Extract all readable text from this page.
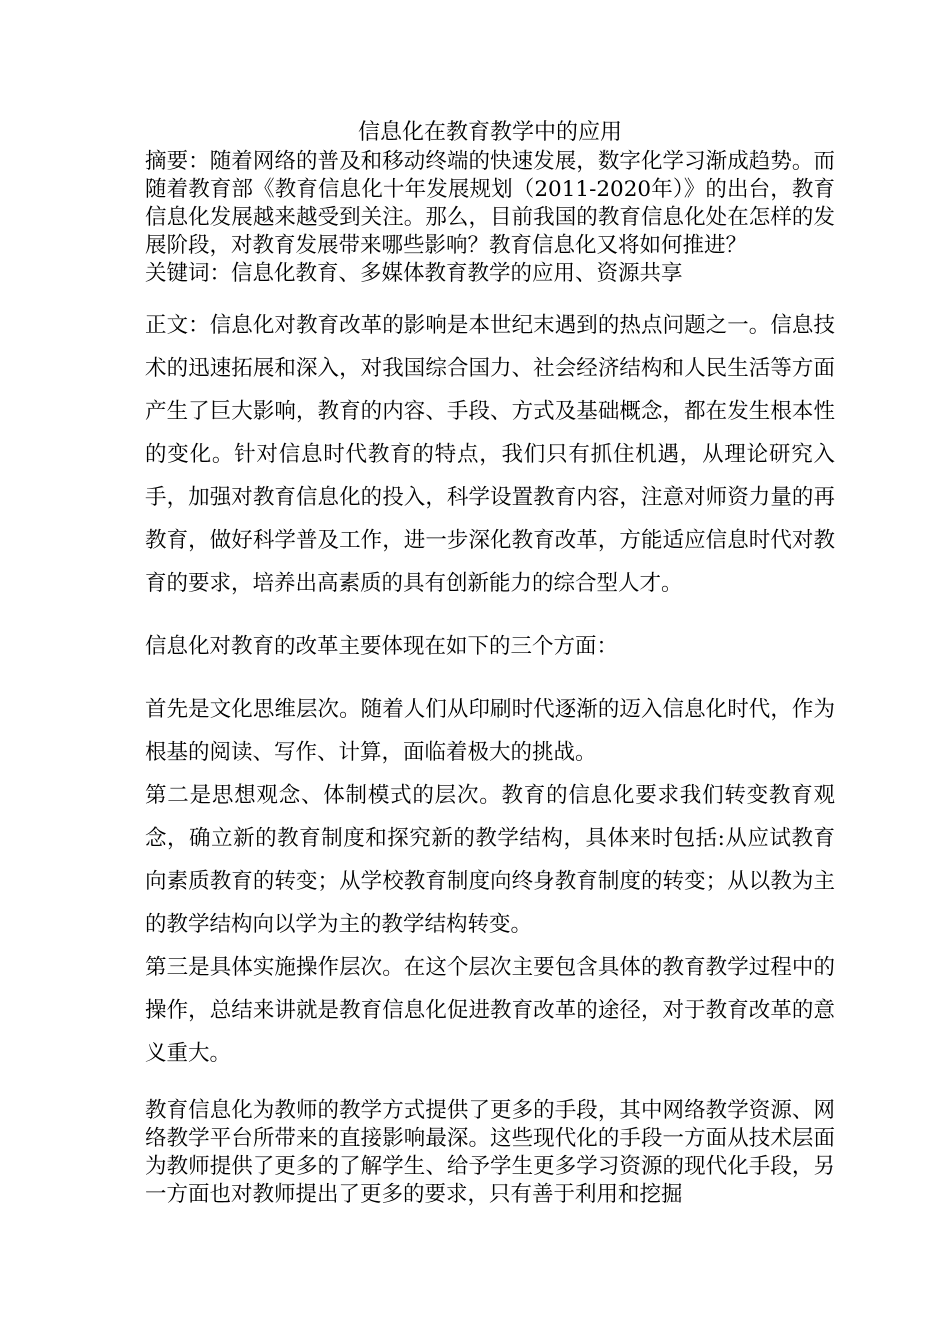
信息化在教育教学中的应用

摘要：随着网络的普及和移动终端的快速发展，数字化学习渐成趋势。而随着教育部《教育信息化十年发展规划（2011-2020年）》的出台，教育信息化发展越来越受到关注。那么，目前我国的教育信息化处在怎样的发展阶段，对教育发展带来哪些影响？教育信息化又将如何推进？

关键词：信息化教育、多媒体教育教学的应用、资源共享

正文：信息化对教育改革的影响是本世纪末遇到的热点问题之一。信息技术的迅速拓展和深入，对我国综合国力、社会经济结构和人民生活等方面产生了巨大影响，教育的内容、手段、方式及基础概念，都在发生根本性的变化。针对信息时代教育的特点，我们只有抓住机遇，从理论研究入手，加强对教育信息化的投入，科学设置教育内容，注意对师资力量的再教育，做好科学普及工作，进一步深化教育改革，方能适应信息时代对教育的要求，培养出高素质的具有创新能力的综合型人才。

信息化对教育的改革主要体现在如下的三个方面：

首先是文化思维层次。随着人们从印刷时代逐渐的迈入信息化时代，作为根基的阅读、写作、计算，面临着极大的挑战。

第二是思想观念、体制模式的层次。教育的信息化要求我们转变教育观念，确立新的教育制度和探究新的教学结构，具体来时包括:从应试教育向素质教育的转变；从学校教育制度向终身教育制度的转变；从以教为主的教学结构向以学为主的教学结构转变。

第三是具体实施操作层次。在这个层次主要包含具体的教育教学过程中的操作，总结来讲就是教育信息化促进教育改革的途径，对于教育改革的意义重大。

教育信息化为教师的教学方式提供了更多的手段，其中网络教学资源、网络教学平台所带来的直接影响最深。这些现代化的手段一方面从技术层面为教师提供了更多的了解学生、给予学生更多学习资源的现代化手段，另一方面也对教师提出了更多的要求，只有善于利用和挖掘
